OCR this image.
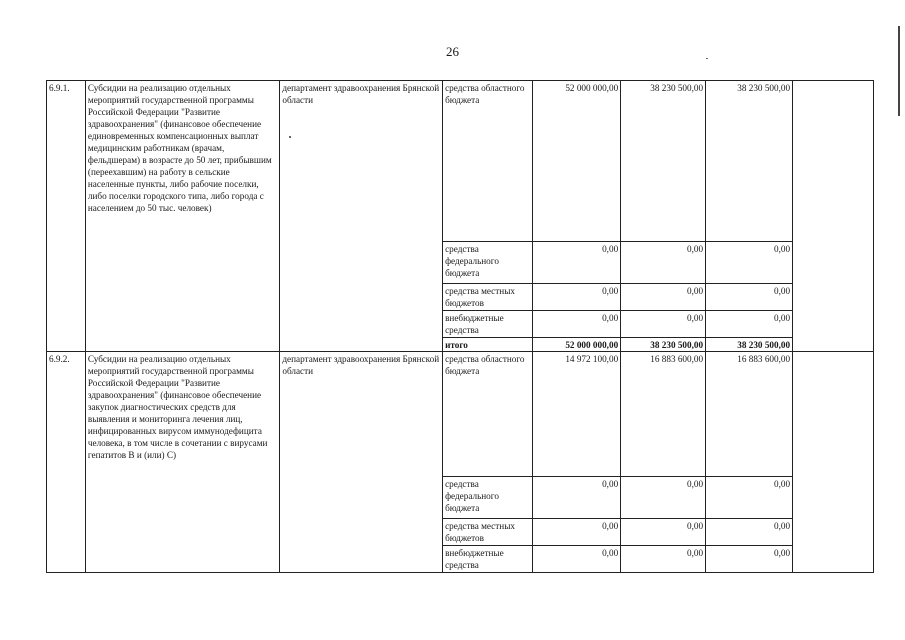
26
6.9.1.	Субсидии на реализацию отдельных мероприятий государственной программы Российской Федерации "Развитие здравоохранения" (финансовое обеспечение единовременных компенсационных выплат медицинским работникам (врачам, фельдшерам) в возрасте до 50 лет, прибывшим (переехавшим) на работу в сельские населенные пункты, либо рабочие поселки, либо поселки городского типа, либо города с населением до 50 тыс. человек)	департамент здравоохранения Брянской области	средства областного бюджета	52 000 000,00	38 230 500,00	38 230 500,00	
			средства федерального бюджета	0,00	0,00	0,00	
			средства местных бюджетов	0,00	0,00	0,00	
			внебюджетные средства	0,00	0,00	0,00	
			итого	52 000 000,00	38 230 500,00	38 230 500,00	
6.9.2.	Субсидии на реализацию отдельных мероприятий государственной программы Российской Федерации "Развитие здравоохранения" (финансовое обеспечение закупок диагностических средств для выявления и мониторинга лечения лиц, инфицированных вирусом иммунодефицита человека, в том числе в сочетании с вирусами гепатитов В и (или) С)	департамент здравоохранения Брянской области	средства областного бюджета	14 972 100,00	16 883 600,00	16 883 600,00	
			средства федерального бюджета	0,00	0,00	0,00	
			средства местных бюджетов	0,00	0,00	0,00	
			внебюджетные средства	0,00	0,00	0,00	
